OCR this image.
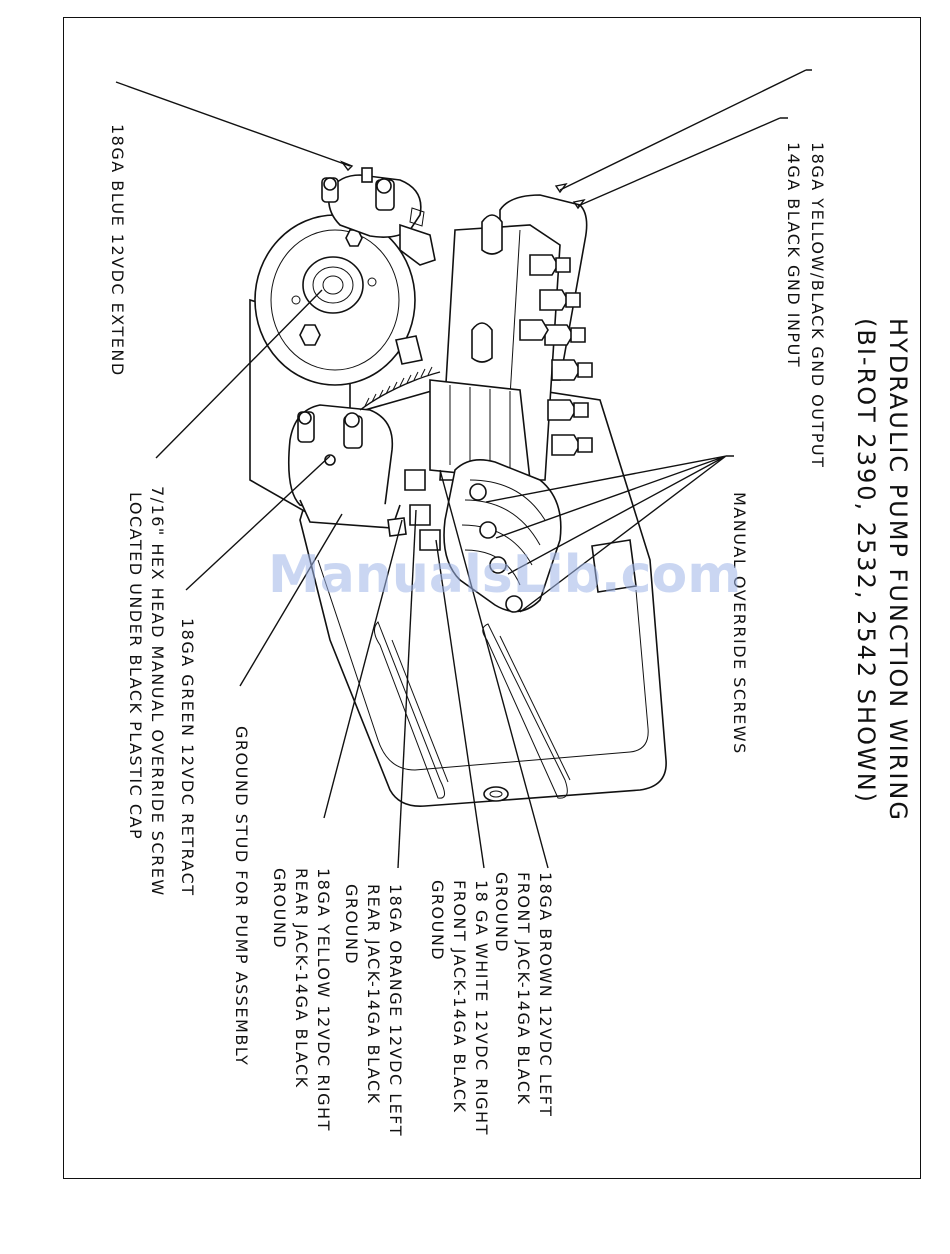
HYDRAULIC PUMP FUNCTION WIRING
(BI-ROT 2390, 2532, 2542 SHOWN)
18GA YELLOW/BLACK GND OUTPUT
14GA BLACK GND INPUT
MANUAL OVERRIDE SCREWS
18GA BLUE 12VDC EXTEND
7/16" HEX HEAD MANUAL OVERRIDE SCREW
LOCATED UNDER BLACK PLASTIC CAP 18GA GREEN 12VDC RETRACT GROUND STUD FOR PUMP ASSEMBLY	18GA YELLOW 12VDC RIGHT
REAR JACK-14GA BLACK
GROUND	18GA ORANGE 12VDC LEFT
REAR JACK-14GA BLACK
GROUND	18 GA WHITE 12VDC RIGHT
FRONT JACK-14GA BLACK
GROUND	18GA BROWN 12VDC LEFT
FRONT JACK-14GA BLACK
GROUND
ManualsLib.com
